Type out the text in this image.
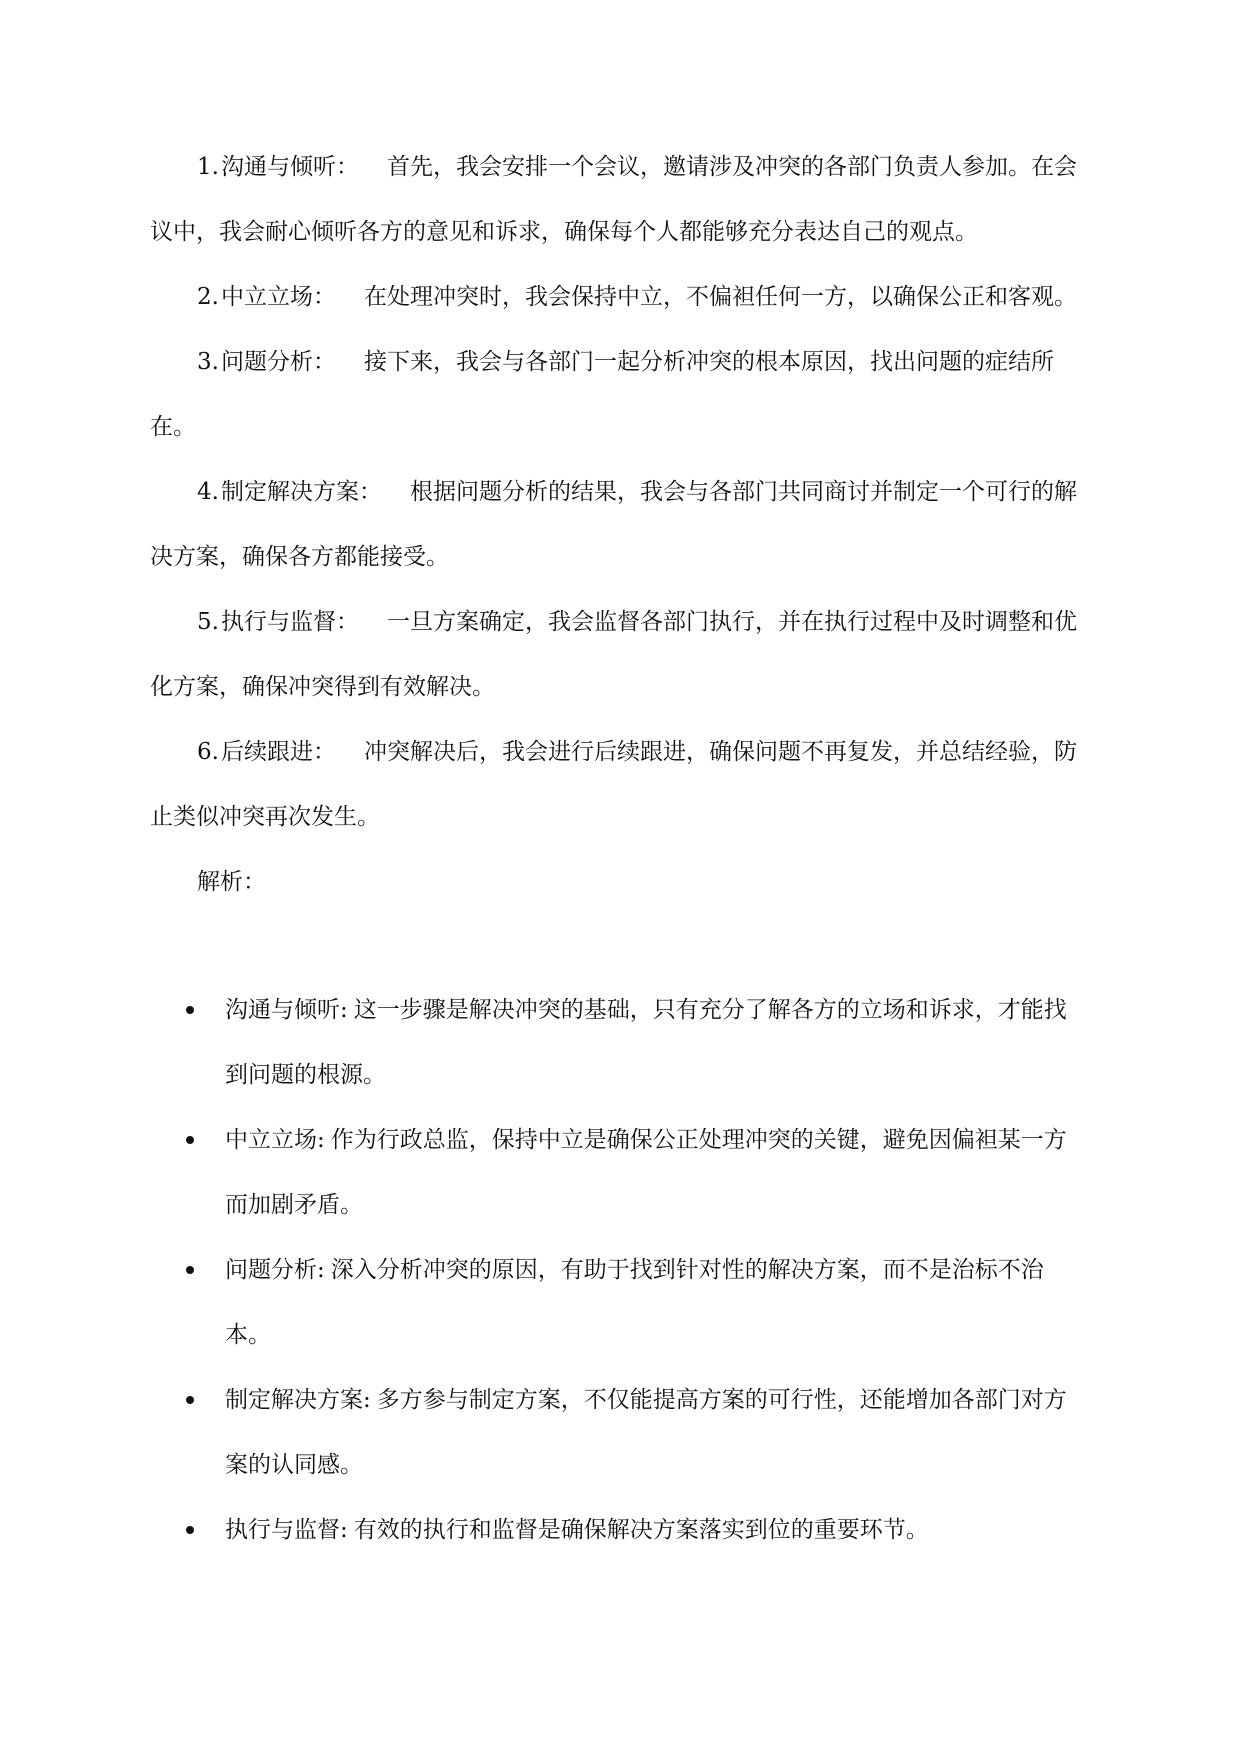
1.沟通与倾听： 首先，我会安排一个会议，邀请涉及冲突的各部门负责人参加。在会议中，我会耐心倾听各方的意见和诉求，确保每个人都能够充分表达自己的观点。

2.中立立场： 在处理冲突时，我会保持中立，不偏袒任何一方，以确保公正和客观。

3.问题分析： 接下来，我会与各部门一起分析冲突的根本原因，找出问题的症结所在。

4.制定解决方案： 根据问题分析的结果，我会与各部门共同商讨并制定一个可行的解决方案，确保各方都能接受。

5.执行与监督： 一旦方案确定，我会监督各部门执行，并在执行过程中及时调整和优化方案，确保冲突得到有效解决。

6.后续跟进： 冲突解决后，我会进行后续跟进，确保问题不再复发，并总结经验，防止类似冲突再次发生。

解析：

沟通与倾听: 这一步骤是解决冲突的基础，只有充分了解各方的立场和诉求，才能找到问题的根源。
中立立场: 作为行政总监，保持中立是确保公正处理冲突的关键，避免因偏袒某一方而加剧矛盾。
问题分析: 深入分析冲突的原因，有助于找到针对性的解决方案，而不是治标不治本。
制定解决方案: 多方参与制定方案，不仅能提高方案的可行性，还能增加各部门对方案的认同感。
执行与监督: 有效的执行和监督是确保解决方案落实到位的重要环节。
